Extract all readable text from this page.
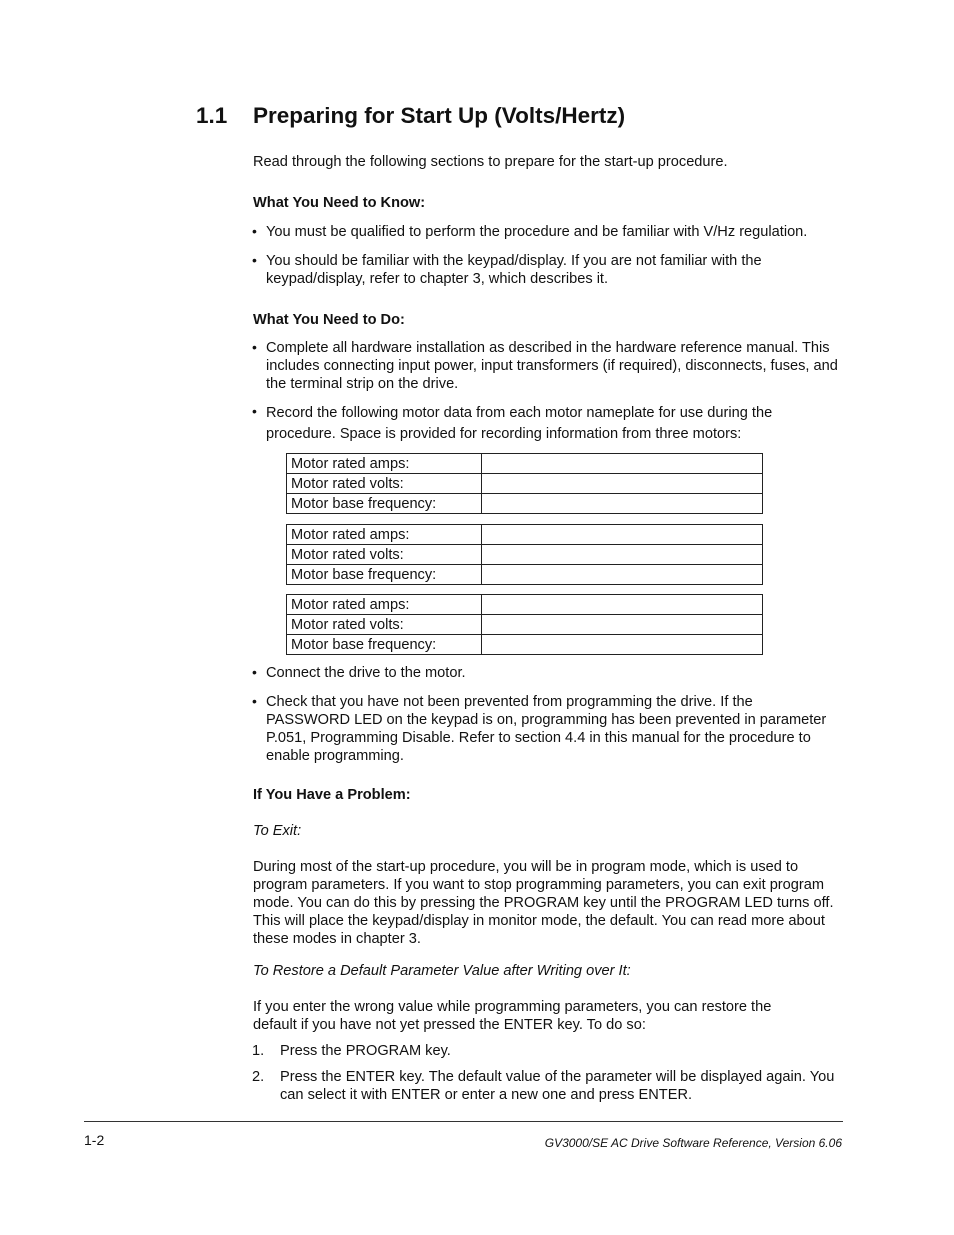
1.1 Preparing for Start Up (Volts/Hertz)
Read through the following sections to prepare for the start-up procedure.
What You Need to Know:
• You must be qualified to perform the procedure and be familiar with V/Hz regulation.
• You should be familiar with the keypad/display. If you are not familiar with the keypad/display, refer to chapter 3, which describes it.
What You Need to Do:
• Complete all hardware installation as described in the hardware reference manual. This includes connecting input power, input transformers (if required), disconnects, fuses, and the terminal strip on the drive.
• Record the following motor data from each motor nameplate for use during the procedure. Space is provided for recording information from three motors:
Motor rated amps:	
Motor rated volts:	
Motor base frequency:	
Motor rated amps:	
Motor rated volts:	
Motor base frequency:	
Motor rated amps:	
Motor rated volts:	
Motor base frequency:	
• Connect the drive to the motor.
• Check that you have not been prevented from programming the drive. If the PASSWORD LED on the keypad is on, programming has been prevented in parameter P.051, Programming Disable. Refer to section 4.4 in this manual for the procedure to enable programming.
If You Have a Problem:
To Exit:
During most of the start-up procedure, you will be in program mode, which is used to program parameters. If you want to stop programming parameters, you can exit program mode. You can do this by pressing the PROGRAM key until the PROGRAM LED turns off. This will place the keypad/display in monitor mode, the default. You can read more about these modes in chapter 3.
To Restore a Default Parameter Value after Writing over It:
If you enter the wrong value while programming parameters, you can restore the default if you have not yet pressed the ENTER key. To do so:
1. Press the PROGRAM key.
2. Press the ENTER key. The default value of the parameter will be displayed again. You can select it with ENTER or enter a new one and press ENTER.
1-2	GV3000/SE AC Drive Software Reference, Version 6.06
